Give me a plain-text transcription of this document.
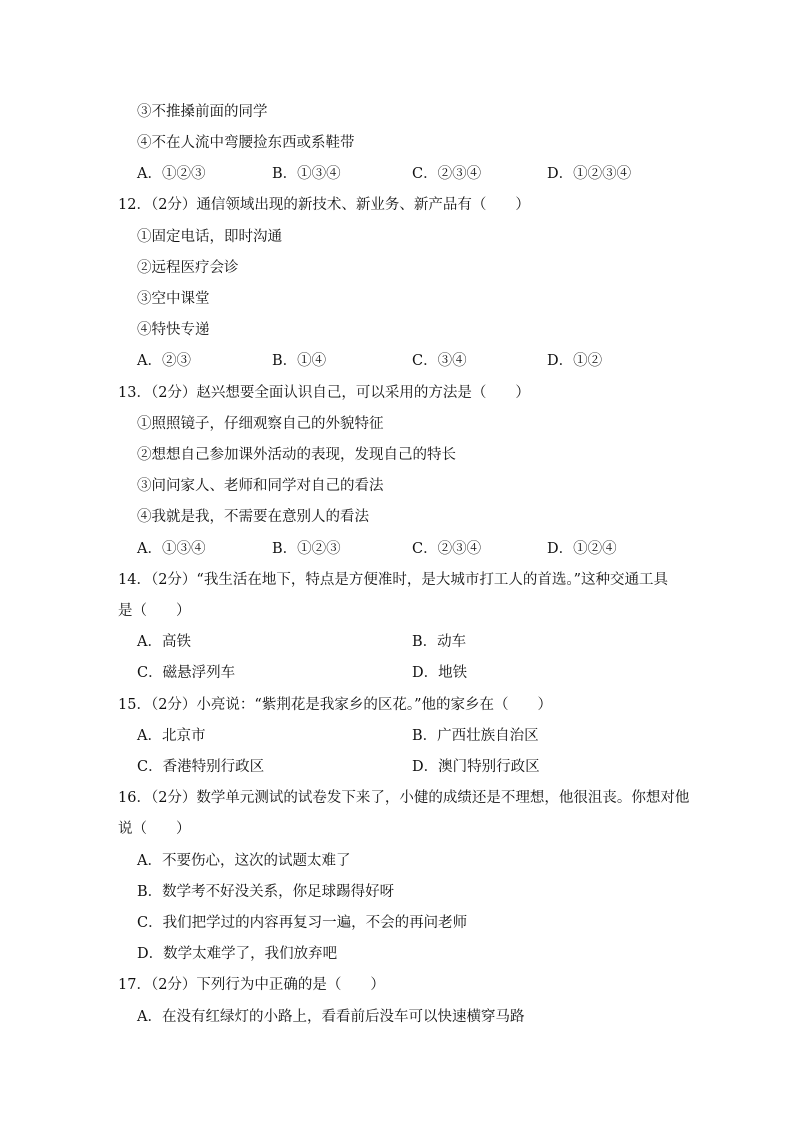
③不推搡前面的同学
④不在人流中弯腰捡东西或系鞋带
A．①②③	B．①③④	C．②③④	D．①②③④
12．（2分）通信领域出现的新技术、新业务、新产品有（　　）
①固定电话，即时沟通
②远程医疗会诊
③空中课堂
④特快专递
A．②③	B．①④	C．③④	D．①②
13．（2分）赵兴想要全面认识自己，可以采用的方法是（　　）
①照照镜子，仔细观察自己的外貌特征
②想想自己参加课外活动的表现，发现自己的特长
③问问家人、老师和同学对自己的看法
④我就是我，不需要在意别人的看法
A．①③④	B．①②③	C．②③④	D．①②④
14．（2分）“我生活在地下，特点是方便准时，是大城市打工人的首选。”这种交通工具
是（　　）
A．高铁	B．动车
C．磁悬浮列车	D．地铁
15．（2分）小亮说：“紫荆花是我家乡的区花。”他的家乡在（　　）
A．北京市	B．广西壮族自治区
C．香港特别行政区	D．澳门特别行政区
16．（2分）数学单元测试的试卷发下来了，小健的成绩还是不理想，他很沮丧。你想对他
说（　　）
A．不要伤心，这次的试题太难了
B．数学考不好没关系，你足球踢得好呀
C．我们把学过的内容再复习一遍，不会的再问老师
D．数学太难学了，我们放弃吧
17．（2分）下列行为中正确的是（　　）
A．在没有红绿灯的小路上，看看前后没车可以快速横穿马路
